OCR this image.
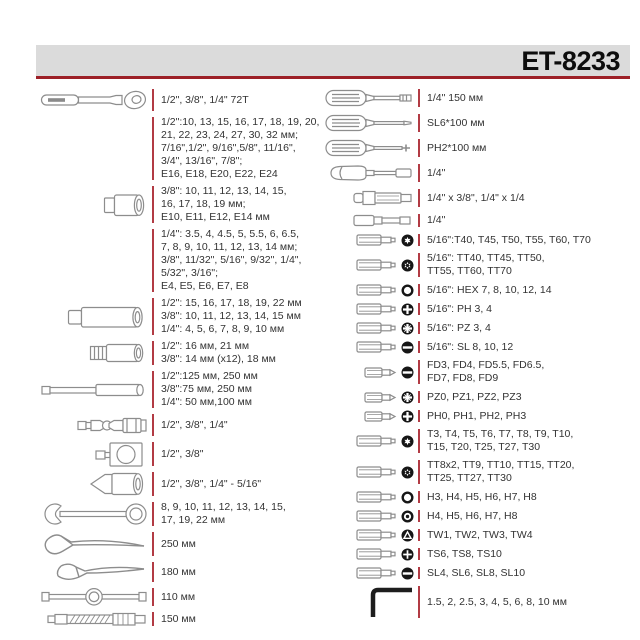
ET-8233
1/2", 3/8", 1/4" 72T
1/2":10, 13, 15, 16, 17, 18, 19, 20,
21, 22, 23, 24, 27, 30, 32 мм;
7/16",1/2", 9/16",5/8", 11/16",
3/4", 13/16", 7/8";
E16, E18, E20, E22, E24
3/8": 10, 11, 12, 13, 14, 15,
16, 17, 18, 19 мм;
E10, E11, E12, E14 мм
1/4": 3.5, 4, 4.5, 5, 5.5, 6, 6.5,
7, 8, 9, 10, 11, 12, 13, 14 мм;
3/8", 11/32", 5/16", 9/32", 1/4",
5/32", 3/16";
E4, E5, E6, E7, E8
1/2": 15, 16, 17, 18, 19, 22 мм
3/8": 10, 11, 12, 13, 14, 15 мм
1/4": 4, 5, 6, 7, 8, 9, 10 мм
1/2": 16 мм, 21 мм
3/8": 14 мм (x12), 18 мм
1/2":125 мм, 250 мм
3/8":75 мм, 250 мм
1/4": 50 мм,100 мм
1/2", 3/8", 1/4"
1/2", 3/8"
1/2", 3/8", 1/4" - 5/16"
8, 9, 10, 11, 12, 13, 14, 15,
17, 19, 22 мм
250 мм
180 мм
110 мм
150 мм
1/4" 150 мм
SL6*100 мм
PH2*100 мм
1/4"
1/4" x 3/8", 1/4" x 1/4
1/4"
5/16":T40, T45, T50, T55, T60, T70
5/16": TT40, TT45, TT50,
TT55, TT60, TT70
5/16": HEX 7, 8, 10, 12, 14
5/16": PH 3, 4
5/16": PZ 3, 4
5/16": SL 8, 10, 12
FD3, FD4, FD5.5, FD6.5,
FD7, FD8, FD9
PZ0, PZ1, PZ2, PZ3
PH0, PH1, PH2, PH3
T3, T4, T5, T6, T7, T8, T9, T10,
T15, T20, T25, T27, T30
TT8x2, TT9, TT10, TT15, TT20,
TT25, TT27, TT30
H3, H4, H5, H6, H7, H8
H4, H5, H6, H7, H8
TW1, TW2, TW3, TW4
TS6, TS8, TS10
SL4, SL6, SL8, SL10
1.5, 2, 2.5, 3, 4, 5, 6, 8, 10 мм
